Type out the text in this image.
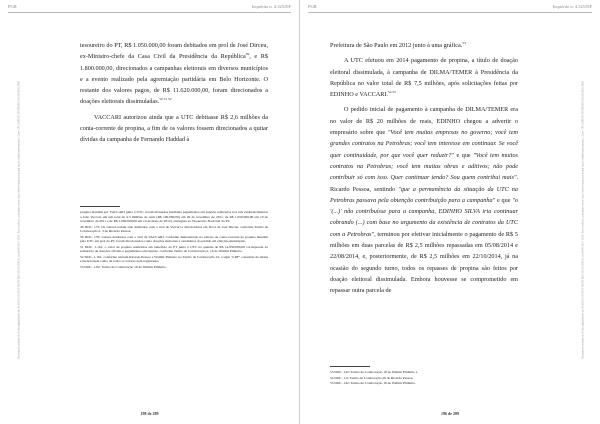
PGR	Inquérito n. 4.325/DF
Documento assinado via Token digitalmente por RODRIGO JANOT MONTEIRO DE BARROS, em 05/09/2017 16:42. Para verificar a assinatura acesse http://www.transparencia.mpf.mp.br/validacaodocumento. Chave 17ECE48F.DC7F59E6.8E5C6A2D.9BA25E0F

tesoureiro do PT, R$ 1.050.000,00 foram debitados em prol de José Dirceu, ex-Ministro-chefe da Casa Civil da Presidência da República$^{49}$, e R$ 1.800.000,00, direcionados a campanhas eleitorais em diversos municípios e a evento realizado pela agremiação partidária em Belo Horizonte. O restante dos valores pagos, de R$ 11.620.000,00, foram direcionados a doações eleitorais dissimuladas.$^{50 51 52}$

VACCARI autorizou ainda que a UTC debitasse R$ 2,6 milhões da conta-corrente de propina, a fim de os valores fossem direcionados a quitar dívidas da campanha de Fernando Haddad à

propina mantida por VACCARI junto à UTC, foram efetuados mediante pagamentos em espécie realizados nos três estabelecimentos a João Vaccari, em um total de 4,5 milhões de reais (R$ 100.000,00) em 29 de novembro de 2011, de R$ 1.050.000,00 em 10 de novembro de 2011 e de R$ 1.000.000,00 em 14 de maio de 2012), entregues ao Tesoureiro Nacional do PT.

49 DOC. 175: Os valores teriam sido debitados com o aval de Vaccari e direcionados em favor de José Dirceu, conforme Termo de Colaboração n. 3 de Ricardo Pessoa.

50 DOC. 179: valores debitados com o aval de VACCARI, conforme demonstrado no extrato da conta-corrente de propina mantida pela UTC em prol do PT, foram direcionados como doações eleitorais a candidatos do partido em eleições municipais.

51 DOC. 1.161: o valor de propina realizados em benefício do PT junto à UTC na quantia de R$ 14.950.000,00 corresponde ao somatório de doações oficiais e pagamentos em espécie, conforme Termo de Colaboração n. 16 de Walmir Pinheiro.

52 DOC. 1.161: conforme relatam Ricardo Pessoa e Walmir Pinheiro no Termo de Colaboração 22, a sigla "LRF" constante da tabela é mencionada como de todos os valores nela registrados.

53 DOC. 1.62: Termo de Colaboração 19 de Walmir Pinheiro.

198 de 289
PGR	Inquérito n. 4.325/DF
Documento assinado via Token digitalmente por RODRIGO JANOT MONTEIRO DE BARROS, em 05/09/2017 16:42. Para verificar a assinatura acesse http://www.transparencia.mpf.mp.br/validacaodocumento. Chave 17ECE48F.DC7F59E6.8E5C6A2D.9BA25E0F

Prefeitura de São Paulo em 2012 junto à uma gráfica.$^{53}$

A UTC efetuou em 2014 pagamento de propina, a título de doação eleitoral dissimulada, à campanha de DILMA/TEMER à Presidência da República no valor total de R$ 7,5 milhões, após solicitações feitas por EDINHO e VACCARI.$^{54 55}$

O pedido inicial de pagamento à campanha de DILMA/TEMER era no valor de R$ 20 milhões de reais, EDINHO chegou a advertir o empresário sobre que "Você tem muitas empresas no governo; você tem grandes contratos na Petrobras; você tem interesse em continuar. Se você quer continuidade, por que você quer reduzir?" e que "Você tem muitos contratos na Petrobras; você tem muitas obras e aditivos; não pode contribuir só com isso. Quer continuar tendo? Sou quem contribui mais". Ricardo Pessoa, sentindo "que a permanência da situação da UTC na Petrobras passava pela obtenção contribuição para a campanha" e que "o '(...)' não contribuísse para a campanha, EDINHO SILVA iria continuar cobrando (...) com base no argumento da existência de contratos da UTC com a Petrobras", terminou por efetivar inicialmente o pagamento de R$ 5 milhões em duas parcelas de R$ 2,5 milhões repassadas em 05/08/2014 e 22/08/2014, e, posteriormente, de R$ 2,5 milhões em 22/10/2014, já na ocasião do segundo turno, todos os repasses de propina são feitos por doação eleitoral dissimulada. Embora houvesse se comprometido em repassar outra parcela de

53 DOC. 142: Termo de Colaboração 18 de Walmir Pinheiro e

54 DOC. 1.6: Termo de Colaboração 26 de Ricardo Pessoa.

55 DOC. 142: Termo de Colaboração 18 de Walmir Pinheiro.

196 de 289
